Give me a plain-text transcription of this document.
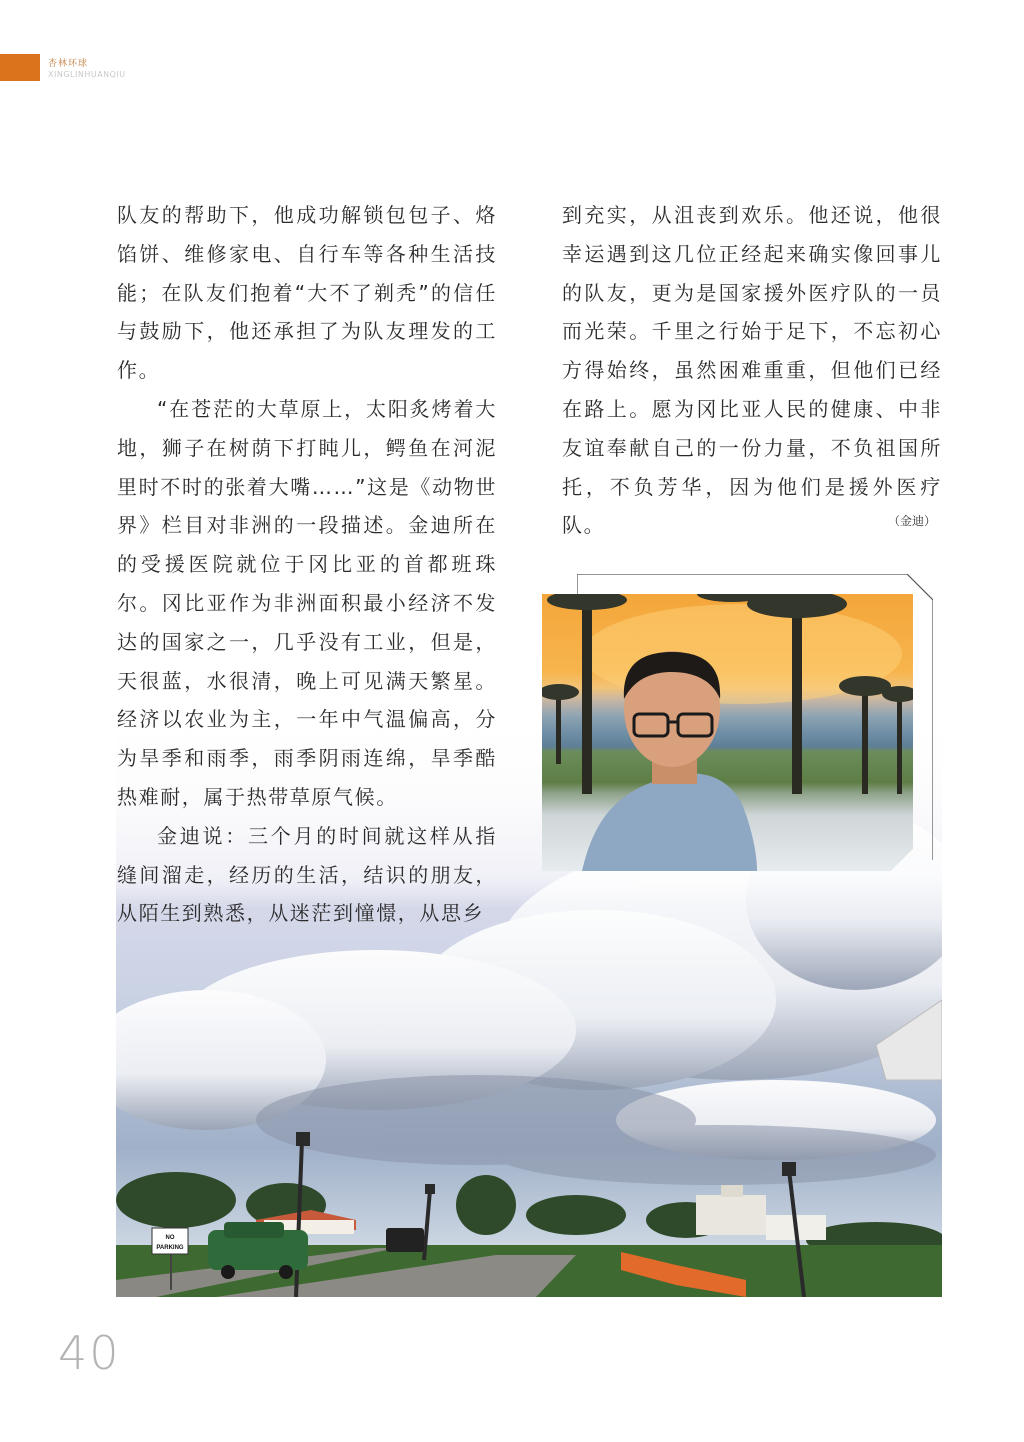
杏林环球
XINGLINHUANQIU

队友的帮助下，他成功解锁包包子、烙馅饼、维修家电、自行车等各种生活技能；在队友们抱着“大不了剃秃”的信任与鼓励下，他还承担了为队友理发的工作。

“在苍茫的大草原上，太阳炙烤着大地，狮子在树荫下打盹儿，鳄鱼在河泥里时不时的张着大嘴……”这是《动物世界》栏目对非洲的一段描述。金迪所在的受援医院就位于冈比亚的首都班珠尔。冈比亚作为非洲面积最小经济不发达的国家之一，几乎没有工业，但是，天很蓝，水很清，晚上可见满天繁星。经济以农业为主，一年中气温偏高，分为旱季和雨季，雨季阴雨连绵，旱季酷热难耐，属于热带草原气候。

金迪说：三个月的时间就这样从指缝间溜走，经历的生活，结识的朋友，从陌生到熟悉，从迷茫到憧憬，从思乡

到充实，从沮丧到欢乐。他还说，他很幸运遇到这几位正经起来确实像回事儿的队友，更为是国家援外医疗队的一员而光荣。千里之行始于足下，不忘初心方得始终，虽然困难重重，但他们已经在路上。愿为冈比亚人民的健康、中非友谊奉献自己的一份力量，不负祖国所托，不负芳华，因为他们是援外医疗队。	（金迪）
40
